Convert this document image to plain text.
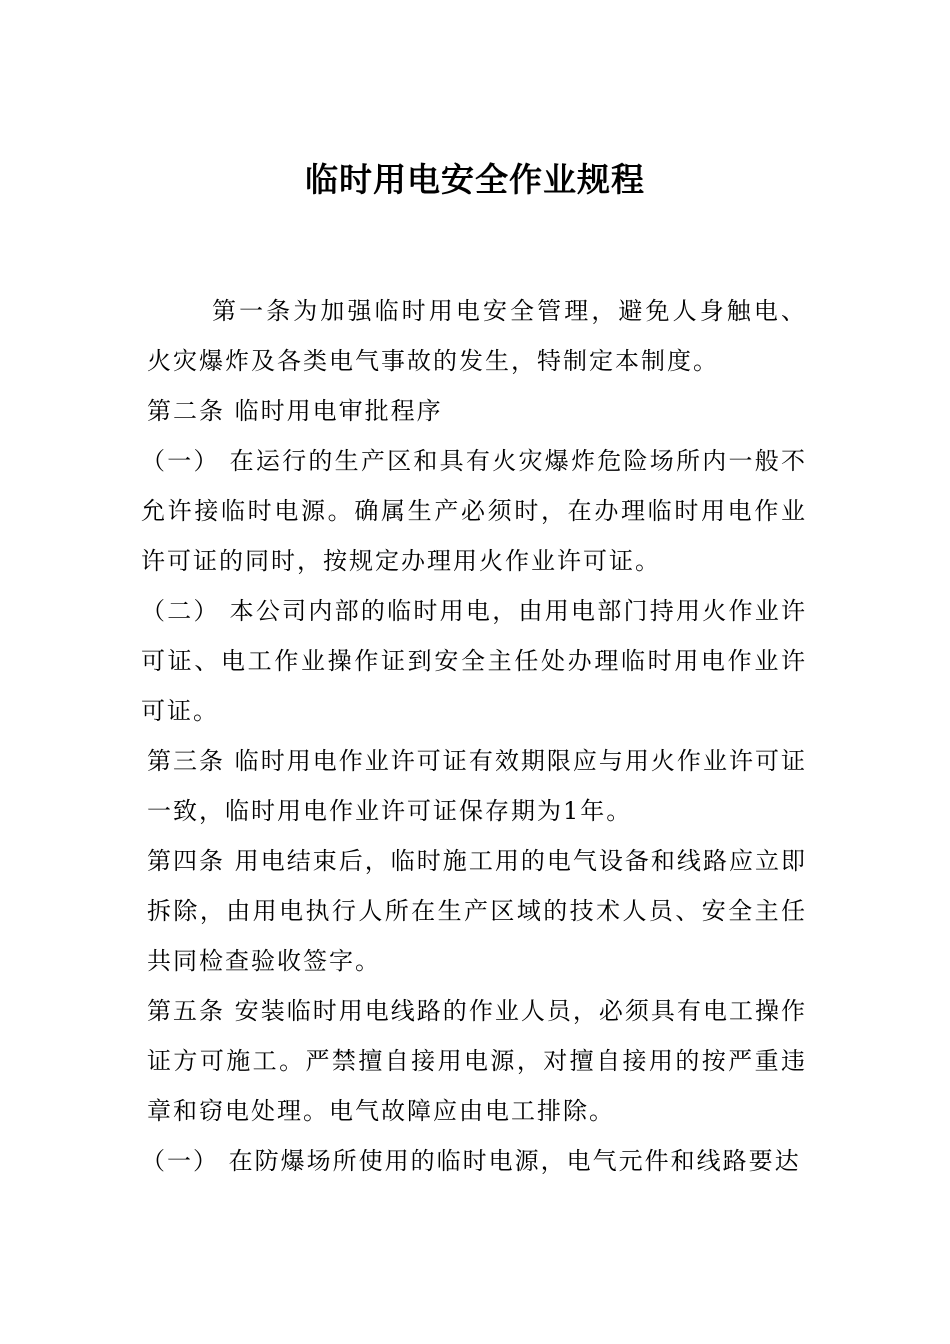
临时用电安全作业规程

第一条为加强临时用电安全管理，避免人身触电、火灾爆炸及各类电气事故的发生，特制定本制度。

第二条 临时用电审批程序

（一） 在运行的生产区和具有火灾爆炸危险场所内一般不允许接临时电源。确属生产必须时，在办理临时用电作业许可证的同时，按规定办理用火作业许可证。

（二） 本公司内部的临时用电，由用电部门持用火作业许可证、电工作业操作证到安全主任处办理临时用电作业许可证。

第三条 临时用电作业许可证有效期限应与用火作业许可证一致，临时用电作业许可证保存期为1年。

第四条 用电结束后，临时施工用的电气设备和线路应立即拆除，由用电执行人所在生产区域的技术人员、安全主任共同检查验收签字。

第五条 安装临时用电线路的作业人员，必须具有电工操作证方可施工。严禁擅自接用电源，对擅自接用的按严重违章和窃电处理。电气故障应由电工排除。

（一） 在防爆场所使用的临时电源，电气元件和线路要达
